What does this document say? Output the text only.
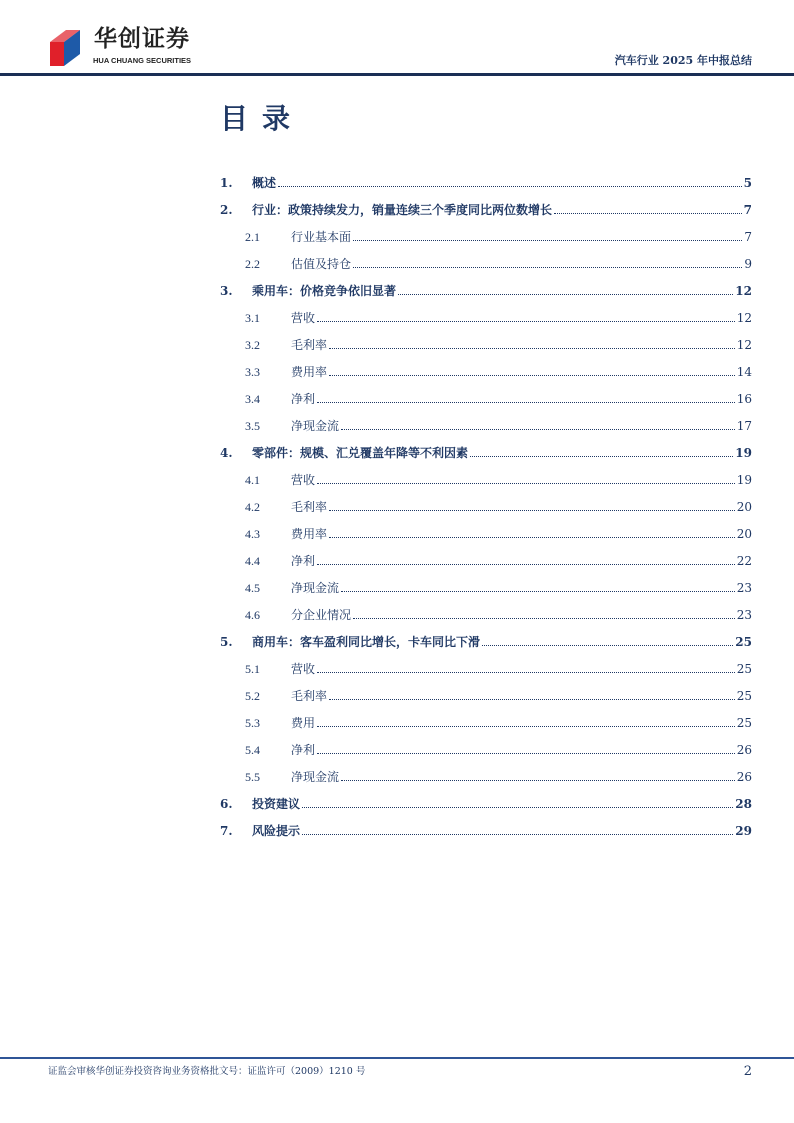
华创证券
HUA CHUANG SECURITIES	汽车行业 2025 年中报总结
目录
1.	概述	5
2.	行业：政策持续发力，销量连续三个季度同比两位数增长	7
2.1	行业基本面	7
2.2	估值及持仓	9
3.	乘用车：价格竞争依旧显著	12
3.1	营收	12
3.2	毛利率	12
3.3	费用率	14
3.4	净利	16
3.5	净现金流	17
4.	零部件：规模、汇兑覆盖年降等不利因素	19
4.1	营收	19
4.2	毛利率	20
4.3	费用率	20
4.4	净利	22
4.5	净现金流	23
4.6	分企业情况	23
5.	商用车：客车盈利同比增长，卡车同比下滑	25
5.1	营收	25
5.2	毛利率	25
5.3	费用	25
5.4	净利	26
5.5	净现金流	26
6.	投资建议	28
7.	风险提示	29
证监会审核华创证券投资咨询业务资格批文号：证监许可（2009）1210 号	2
